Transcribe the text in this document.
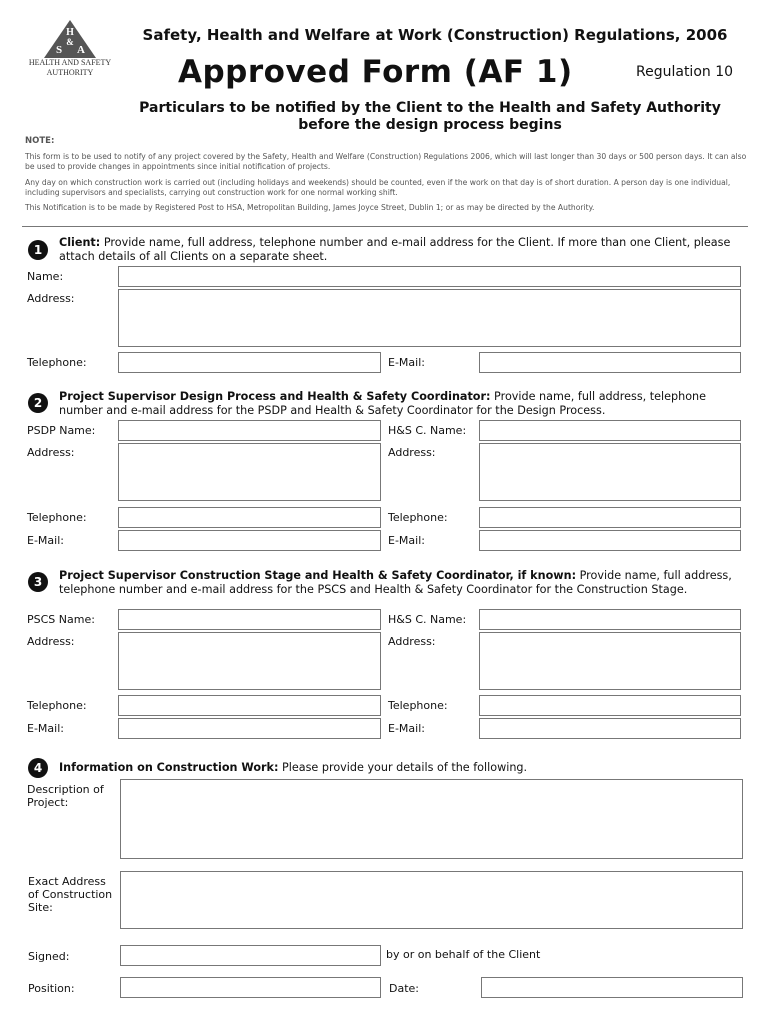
H
S
&
A
HEALTH AND SAFETY
AUTHORITY
Safety, Health and Welfare at Work (Construction) Regulations, 2006
Approved Form (AF 1)	Regulation 10
Particulars to be notified by the Client to the Health and Safety Authority
before the design process begins
NOTE:
This form is to be used to notify of any project covered by the Safety, Health and Welfare (Construction) Regulations 2006, which will last longer than 30 days or 500 person days. It can also be used to provide changes in appointments since initial notification of projects.
Any day on which construction work is carried out (including holidays and weekends) should be counted, even if the work on that day is of short duration. A person day is one individual, including supervisors and specialists, carrying out construction work for one normal working shift.
This Notification is to be made by Registered Post to HSA, Metropolitan Building, James Joyce Street, Dublin 1; or as may be directed by the Authority.
1
Client: Provide name, full address, telephone number and e-mail address for the Client. If more than one Client, please attach details of all Clients on a separate sheet.
Name:
Address:
Telephone:	E-Mail:
2	Project Supervisor Design Process and Health & Safety Coordinator: Provide name, full address, telephone number and e-mail address for the PSDP and Health & Safety Coordinator for the Design Process.
PSDP Name:	H&S C. Name:
Address:	Address:
Telephone:	Telephone:
E-Mail:	E-Mail:
3	Project Supervisor Construction Stage and Health & Safety Coordinator, if known: Provide name, full address, telephone number and e-mail address for the PSCS and Health & Safety Coordinator for the Construction Stage.
PSCS Name:	H&S C. Name:
Address:	Address:
Telephone:	Telephone:
E-Mail:	E-Mail:
4	Information on Construction Work: Please provide your details of the following.
Description of
Project:
Exact Address
of Construction
Site:
Signed:	by or on behalf of the Client
Position:	Date:
